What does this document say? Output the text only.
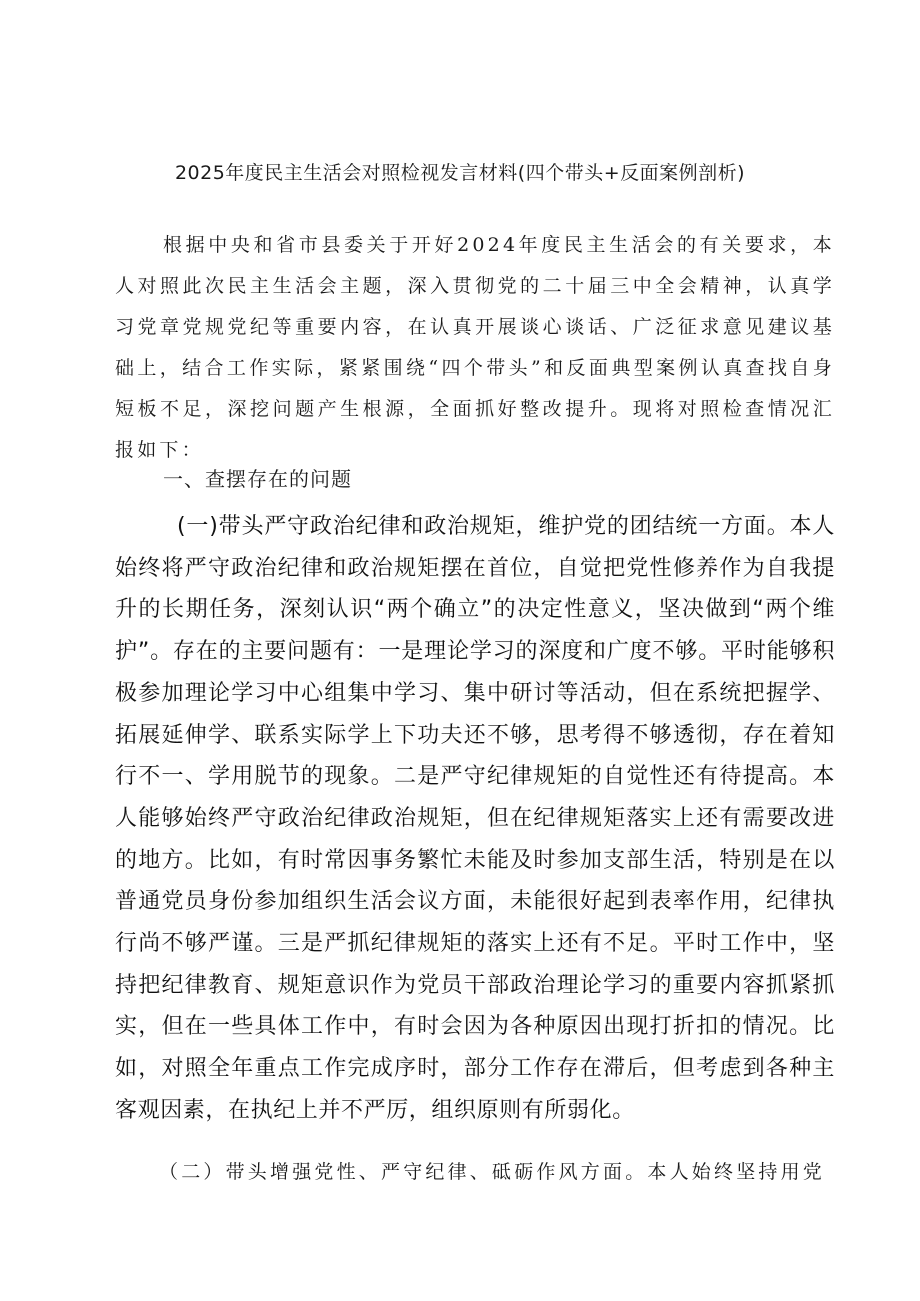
2025年度民主生活会对照检视发言材料(四个带头+反面案例剖析)

根据中央和省市县委关于开好2024年度民主生活会的有关要求，本人对照此次民主生活会主题，深入贯彻党的二十届三中全会精神，认真学习党章党规党纪等重要内容，在认真开展谈心谈话、广泛征求意见建议基础上，结合工作实际，紧紧围绕“四个带头”和反面典型案例认真查找自身短板不足，深挖问题产生根源，全面抓好整改提升。现将对照检查情况汇报如下：

一、查摆存在的问题

(一)带头严守政治纪律和政治规矩，维护党的团结统一方面。本人始终将严守政治纪律和政治规矩摆在首位，自觉把党性修养作为自我提升的长期任务，深刻认识“两个确立”的决定性意义，坚决做到“两个维护”。存在的主要问题有：一是理论学习的深度和广度不够。平时能够积极参加理论学习中心组集中学习、集中研讨等活动，但在系统把握学、拓展延伸学、联系实际学上下功夫还不够，思考得不够透彻，存在着知行不一、学用脱节的现象。二是严守纪律规矩的自觉性还有待提高。本人能够始终严守政治纪律政治规矩，但在纪律规矩落实上还有需要改进的地方。比如，有时常因事务繁忙未能及时参加支部生活，特别是在以普通党员身份参加组织生活会议方面，未能很好起到表率作用，纪律执行尚不够严谨。三是严抓纪律规矩的落实上还有不足。平时工作中，坚持把纪律教育、规矩意识作为党员干部政治理论学习的重要内容抓紧抓实，但在一些具体工作中，有时会因为各种原因出现打折扣的情况。比如，对照全年重点工作完成序时，部分工作存在滞后，但考虑到各种主客观因素，在执纪上并不严厉，组织原则有所弱化。

（二）带头增强党性、严守纪律、砥砺作风方面。本人始终坚持用党
